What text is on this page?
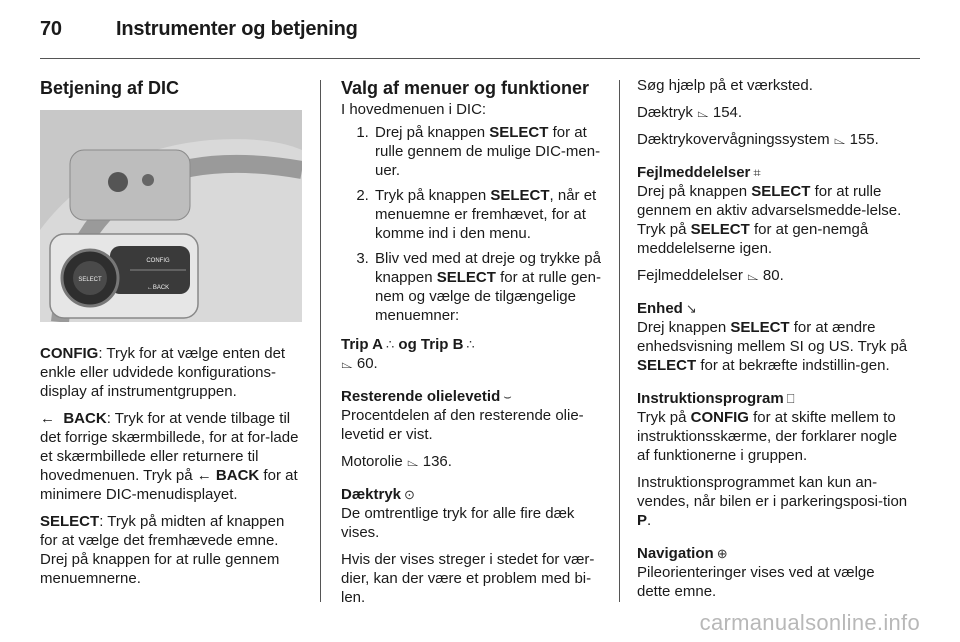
70	Instrumenter og betjening
Betjening af DIC
SELECT
CONFIG
←BACK

CONFIG: Tryk for at vælge enten det enkle eller udvidede konfigurations-display af instrumentgruppen.

← BACK: Tryk for at vende tilbage til det forrige skærmbillede, for at for-lade et skærmbillede eller returnere til hovedmenuen. Tryk på ← BACK for at minimere DIC-menudisplayet.

SELECT: Tryk på midten af knappen for at vælge det fremhævede emne. Drej på knappen for at rulle gennem menuemnerne.

Valg af menuer og funktioner
I hovedmenuen i DIC:
1. Drej på knappen SELECT for at rulle gennem de mulige DIC-men-uer.
2. Tryk på knappen SELECT, når et menuemne er fremhævet, for at komme ind i den menu.
3. Bliv ved med at dreje og trykke på knappen SELECT for at rulle gen-nem og vælge de tilgængelige menuemner:
Trip A ∴ og Trip B ∴

⌳ 60.

Resterende olielevetid ⌣

Procentdelen af den resterende olie-levetid er vist.

Motorolie ⌳ 136.

Dæktryk ⊙

De omtrentlige tryk for alle fire dæk vises.

Hvis der vises streger i stedet for vær-dier, kan der være et problem med bi-len.

Søg hjælp på et værksted.

Dæktryk ⌳ 154.

Dæktrykovervågningssystem ⌳ 155.

Fejlmeddelelser ⌗

Drej på knappen SELECT for at rulle gennem en aktiv advarselsmedde-lelse. Tryk på SELECT for at gen-nemgå meddelelserne igen.

Fejlmeddelelser ⌳ 80.

Enhed ↘

Drej knappen SELECT for at ændre enhedsvisning mellem SI og US. Tryk på SELECT for at bekræfte indstillin-gen.

Instruktionsprogram ⎕

Tryk på CONFIG for at skifte mellem to instruktionsskærme, der forklarer nogle af funktionerne i gruppen.

Instruktionsprogrammet kan kun an-vendes, når bilen er i parkeringsposi-tion P.

Navigation ⊕

Pileorienteringer vises ved at vælge dette emne.

carmanualsonline.info
